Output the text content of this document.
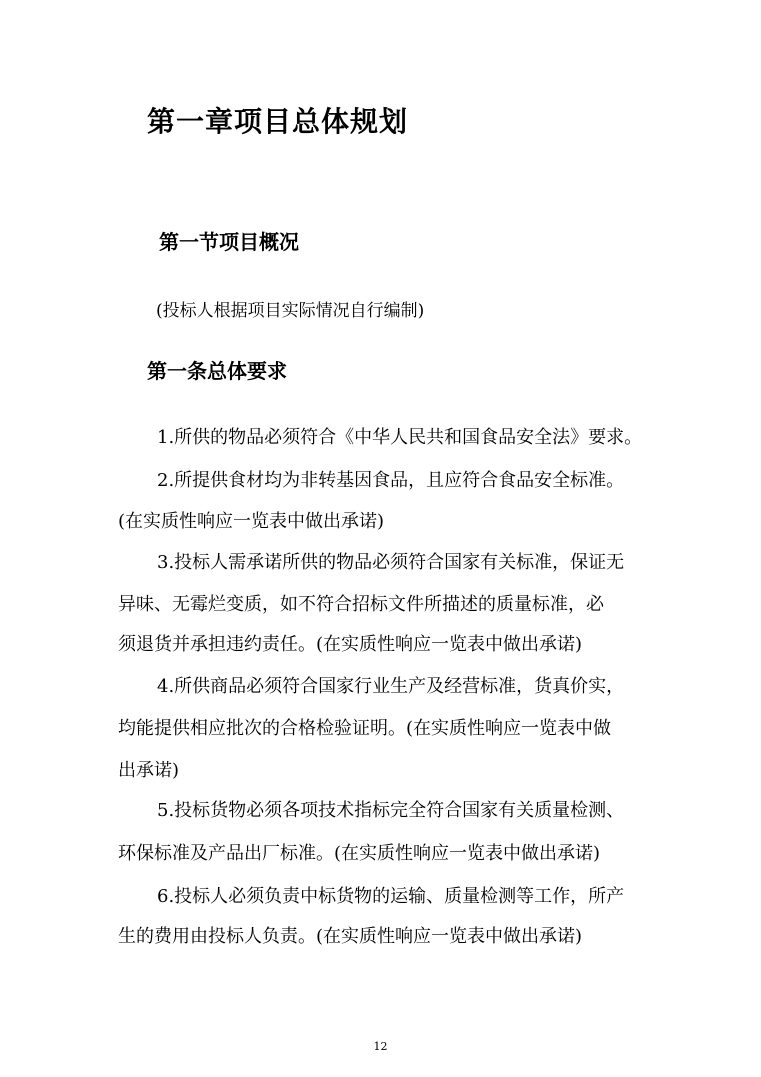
第一章项目总体规划
第一节项目概况
(投标人根据项目实际情况自行编制)
第一条总体要求
1.所供的物品必须符合《中华人民共和国食品安全法》要求。
2.所提供食材均为非转基因食品，且应符合食品安全标准。
(在实质性响应一览表中做出承诺)
3.投标人需承诺所供的物品必须符合国家有关标准，保证无
异味、无霉烂变质，如不符合招标文件所描述的质量标准，必
须退货并承担违约责任。(在实质性响应一览表中做出承诺)
4.所供商品必须符合国家行业生产及经营标准，货真价实，
均能提供相应批次的合格检验证明。(在实质性响应一览表中做
出承诺)
5.投标货物必须各项技术指标完全符合国家有关质量检测、
环保标准及产品出厂标准。(在实质性响应一览表中做出承诺)
6.投标人必须负责中标货物的运输、质量检测等工作，所产
生的费用由投标人负责。(在实质性响应一览表中做出承诺)
12
